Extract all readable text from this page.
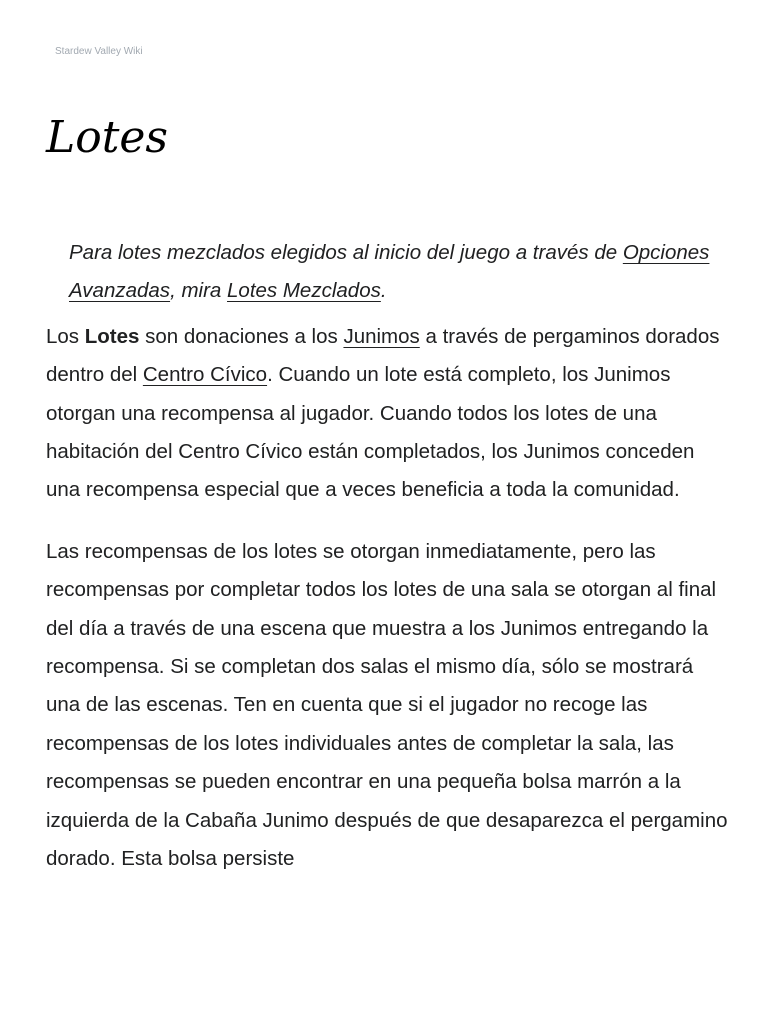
Stardew Valley Wiki
Lotes

Para lotes mezclados elegidos al inicio del juego a través de Opciones Avanzadas, mira Lotes Mezclados.

Los Lotes son donaciones a los Junimos a través de pergaminos dorados dentro del Centro Cívico. Cuando un lote está completo, los Junimos otorgan una recompensa al jugador. Cuando todos los lotes de una habitación del Centro Cívico están completados, los Junimos conceden una recompensa especial que a veces beneficia a toda la comunidad.

Las recompensas de los lotes se otorgan inmediatamente, pero las recompensas por completar todos los lotes de una sala se otorgan al final del día a través de una escena que muestra a los Junimos entregando la recompensa. Si se completan dos salas el mismo día, sólo se mostrará una de las escenas. Ten en cuenta que si el jugador no recoge las recompensas de los lotes individuales antes de completar la sala, las recompensas se pueden encontrar en una pequeña bolsa marrón a la izquierda de la Cabaña Junimo después de que desaparezca el pergamino dorado. Esta bolsa persiste
